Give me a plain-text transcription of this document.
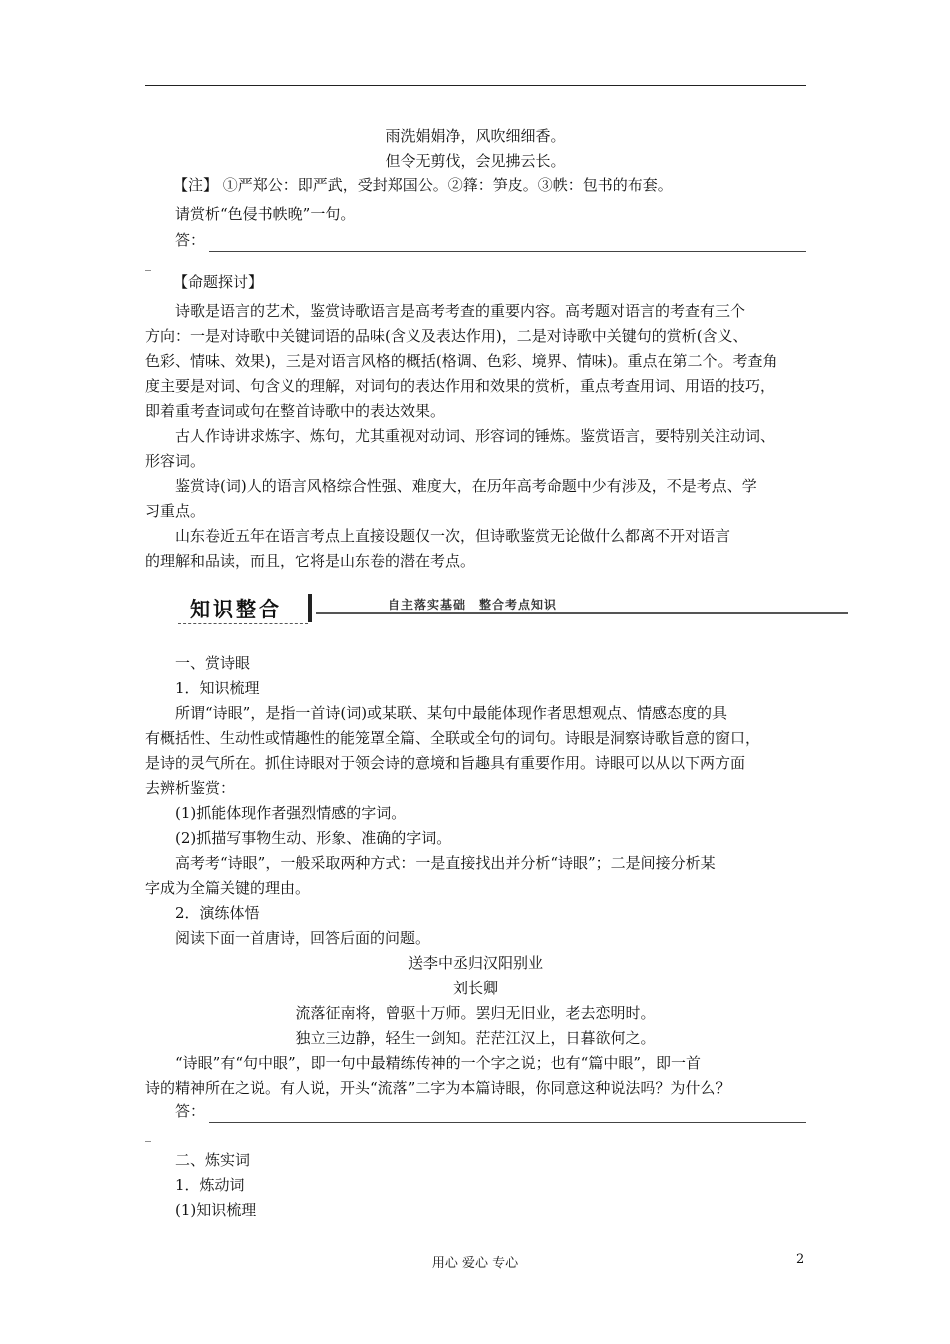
雨洗娟娟净，风吹细细香。
但令无剪伐，会见拂云长。
【注】 ①严郑公：即严武，受封郑国公。②箨：笋皮。③帙：包书的布套。
请赏析“色侵书帙晚”一句。
答：
_
【命题探讨】
诗歌是语言的艺术，鉴赏诗歌语言是高考考查的重要内容。高考题对语言的考查有三个
方向：一是对诗歌中关键词语的品味(含义及表达作用)，二是对诗歌中关键句的赏析(含义、
色彩、情味、效果)，三是对语言风格的概括(格调、色彩、境界、情味)。重点在第二个。考查角
度主要是对词、句含义的理解，对词句的表达作用和效果的赏析，重点考查用词、用语的技巧，
即着重考查词或句在整首诗歌中的表达效果。
古人作诗讲求炼字、炼句，尤其重视对动词、形容词的锤炼。鉴赏语言，要特别关注动词、
形容词。
鉴赏诗(词)人的语言风格综合性强、难度大，在历年高考命题中少有涉及，不是考点、学
习重点。
山东卷近五年在语言考点上直接设题仅一次，但诗歌鉴赏无论做什么都离不开对语言
的理解和品读，而且，它将是山东卷的潜在考点。
知识整合	自主落实基础　整合考点知识
一、赏诗眼
1．知识梳理
所谓“诗眼”，是指一首诗(词)或某联、某句中最能体现作者思想观点、情感态度的具
有概括性、生动性或情趣性的能笼罩全篇、全联或全句的词句。诗眼是洞察诗歌旨意的窗口，
是诗的灵气所在。抓住诗眼对于领会诗的意境和旨趣具有重要作用。诗眼可以从以下两方面
去辨析鉴赏：
(1)抓能体现作者强烈情感的字词。
(2)抓描写事物生动、形象、准确的字词。
高考考“诗眼”，一般采取两种方式：一是直接找出并分析“诗眼”；二是间接分析某
字成为全篇关键的理由。
2．演练体悟
阅读下面一首唐诗，回答后面的问题。
送李中丞归汉阳别业
刘长卿
流落征南将，曾驱十万师。罢归无旧业，老去恋明时。
独立三边静，轻生一剑知。茫茫江汉上，日暮欲何之。
“诗眼”有“句中眼”，即一句中最精练传神的一个字之说；也有“篇中眼”，即一首
诗的精神所在之说。有人说，开头“流落”二字为本篇诗眼，你同意这种说法吗？为什么？
答：
_
二、炼实词
1．炼动词
(1)知识梳理
用心 爱心 专心	2
